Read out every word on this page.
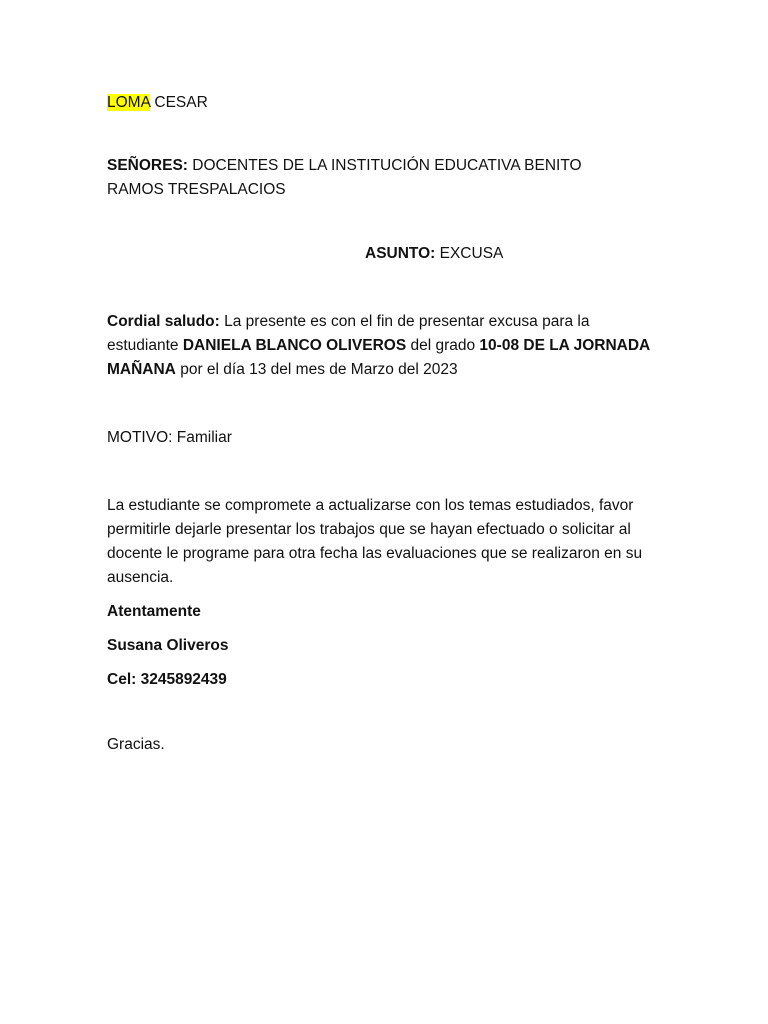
LOMA CESAR

SEÑORES: DOCENTES DE LA INSTITUCIÓN EDUCATIVA BENITO RAMOS TRESPALACIOS

ASUNTO: EXCUSA

Cordial saludo: La presente es con el fin de presentar excusa para la estudiante DANIELA BLANCO OLIVEROS del grado 10-08 DE LA JORNADA MAÑANA por el día 13 del mes de Marzo del 2023

MOTIVO: Familiar

La estudiante se compromete a actualizarse con los temas estudiados, favor permitirle dejarle presentar los trabajos que se hayan efectuado o solicitar al docente le programe para otra fecha las evaluaciones que se realizaron en su ausencia.

Atentamente

Susana Oliveros

Cel: 3245892439

Gracias.
